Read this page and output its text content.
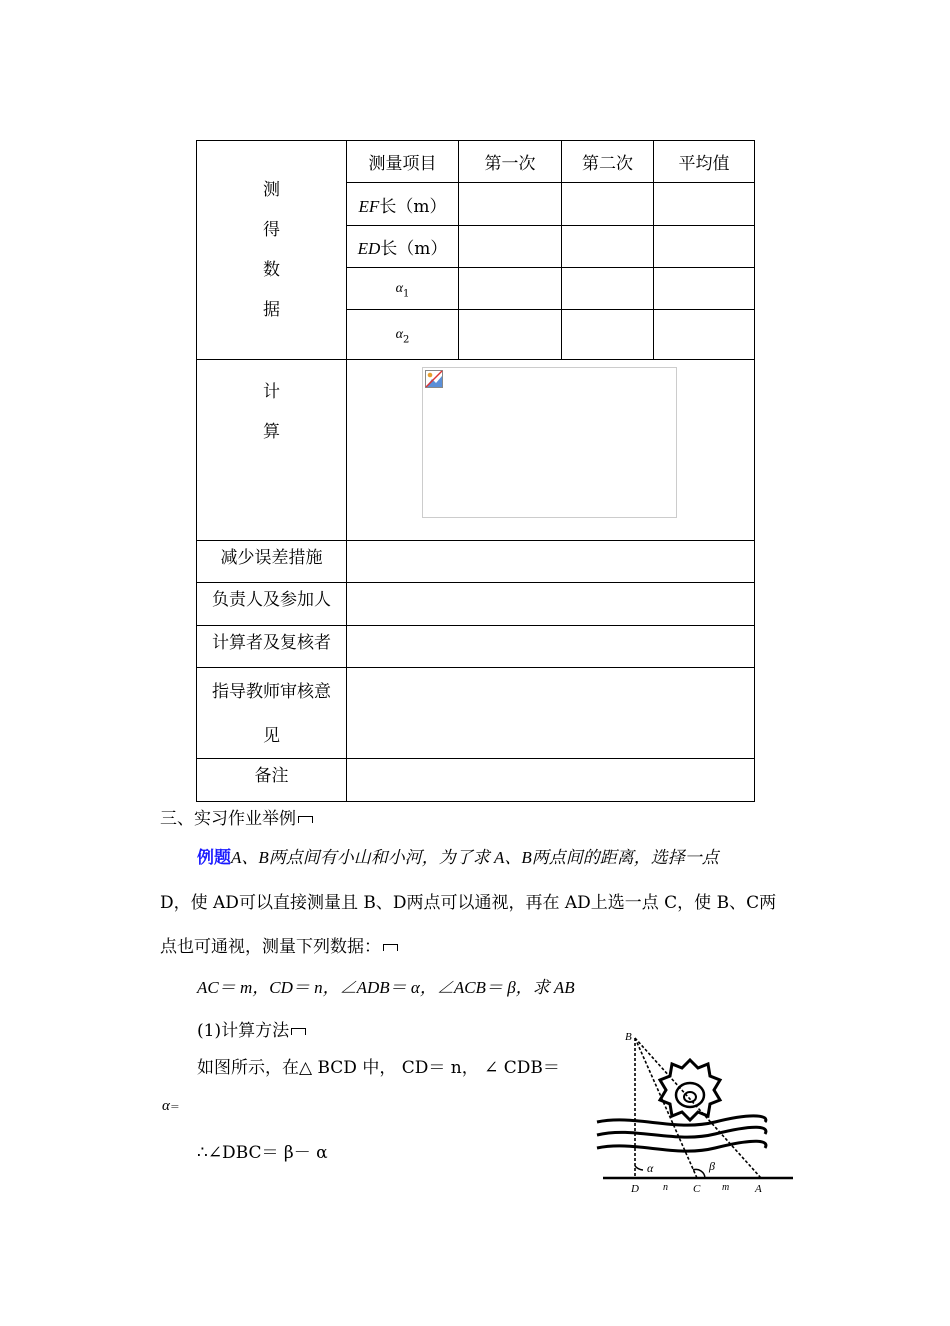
测
得
数
据	测量项目	第一次	第二次	平均值
	EF长（m）			
	ED长（m）			
	$\alpha_1$			
	$\alpha_2$			

计
算				

减少误差措施				
负责人及参加人				
计算者及复核者				
指导教师审核意
见				
备注				
三、实习作业举例
例题A、B两点间有小山和小河，为了求 A、B两点间的距离，选择一点
D，使 AD可以直接测量且 B、D两点可以通视，再在 AD上选一点 C，使 B、C两
点也可通视，测量下列数据：
AC＝ m，CD＝ n，∠ADB＝ α，∠ACB＝ β，求 AB
(1)计算方法
如图所示，在△ BCD 中， CD＝ n， ∠ CDB＝
α＝
∴∠DBC＝ β－ α
B
D n C m A
α	β
